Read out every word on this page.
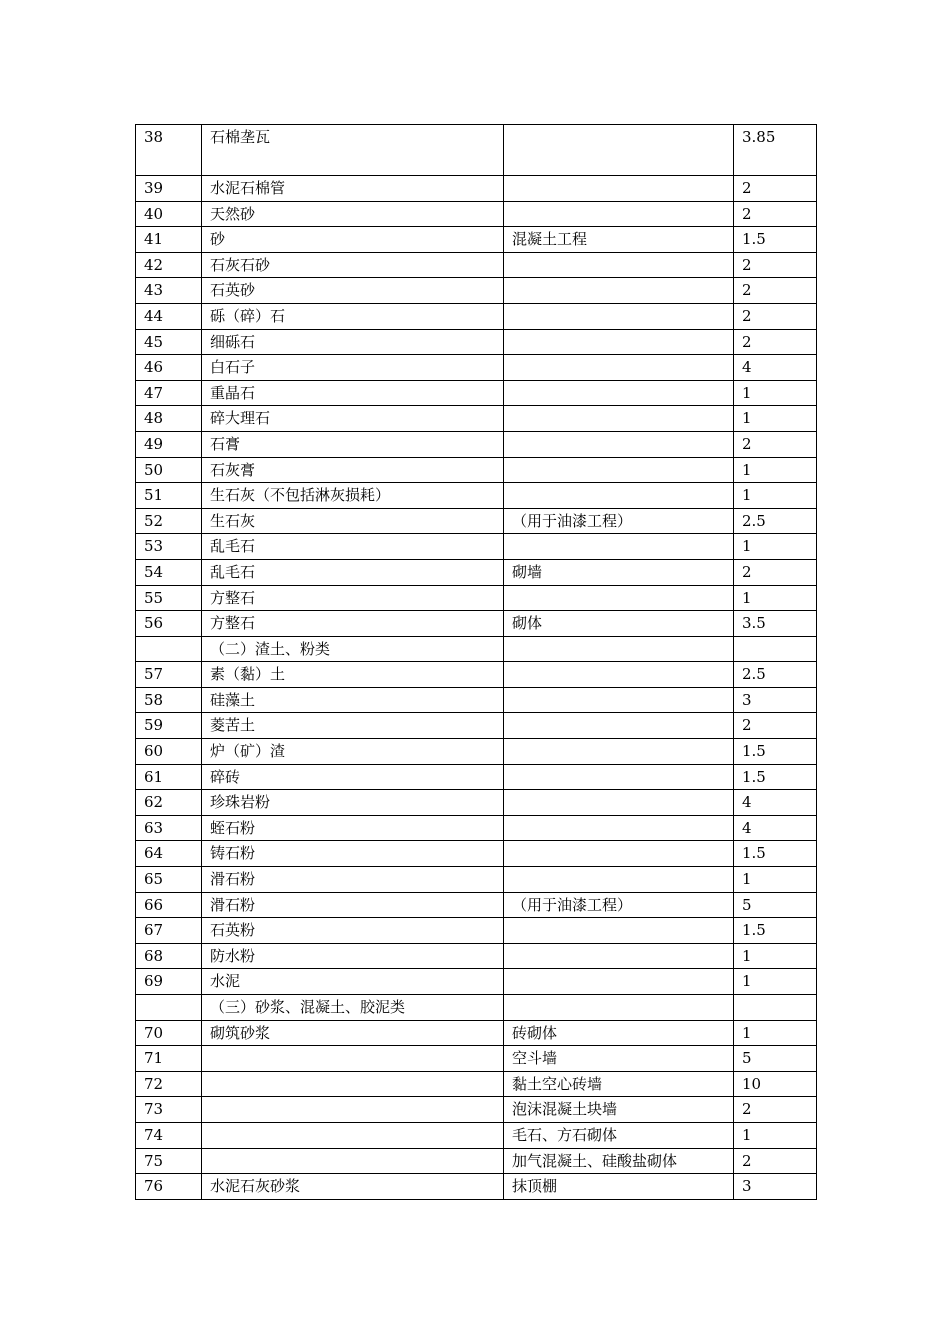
38	石棉垄瓦		3.85
39	水泥石棉管		2
40	天然砂		2
41	砂	混凝土工程	1.5
42	石灰石砂		2
43	石英砂		2
44	砾（碎）石		2
45	细砾石		2
46	白石子		4
47	重晶石		1
48	碎大理石		1
49	石膏		2
50	石灰膏		1
51	生石灰（不包括淋灰损耗）		1
52	生石灰	（用于油漆工程）	2.5
53	乱毛石		1
54	乱毛石	砌墙	2
55	方整石		1
56	方整石	砌体	3.5
	（二）渣土、粉类		
57	素（黏）土		2.5
58	硅藻土		3
59	菱苦土		2
60	炉（矿）渣		1.5
61	碎砖		1.5
62	珍珠岩粉		4
63	蛭石粉		4
64	铸石粉		1.5
65	滑石粉		1
66	滑石粉	（用于油漆工程）	5
67	石英粉		1.5
68	防水粉		1
69	水泥		1
	（三）砂浆、混凝土、胶泥类		
70	砌筑砂浆	砖砌体	1
71		空斗墙	5
72		黏土空心砖墙	10
73		泡沫混凝土块墙	2
74		毛石、方石砌体	1
75		加气混凝土、硅酸盐砌体	2
76	水泥石灰砂浆	抹顶棚	3
